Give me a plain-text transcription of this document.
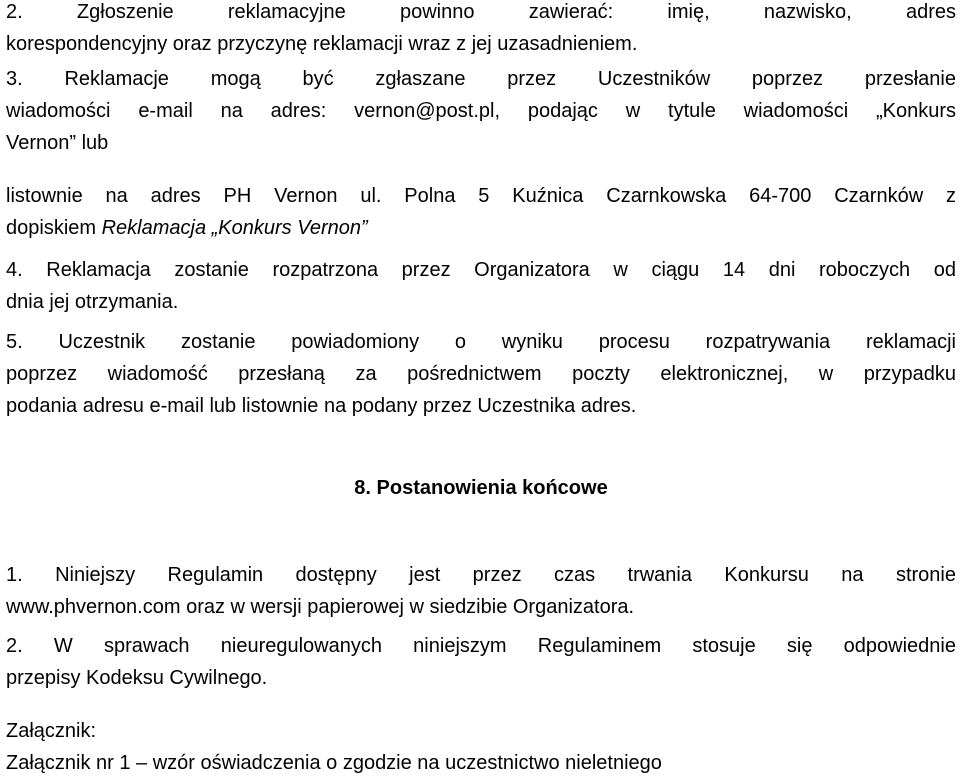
2. Zgłoszenie reklamacyjne powinno zawierać: imię, nazwisko, adres
korespondencyjny oraz przyczynę reklamacji wraz z jej uzasadnieniem.
3. Reklamacje mogą być zgłaszane przez Uczestników poprzez przesłanie
wiadomości e-mail na adres: vernon@post.pl, podając w tytule wiadomości „Konkurs
Vernon” lub
listownie na adres PH Vernon ul. Polna 5 Kuźnica Czarnkowska 64-700 Czarnków z
dopiskiem Reklamacja „Konkurs Vernon”
4. Reklamacja zostanie rozpatrzona przez Organizatora w ciągu 14 dni roboczych od
dnia jej otrzymania.
5. Uczestnik zostanie powiadomiony o wyniku procesu rozpatrywania reklamacji
poprzez wiadomość przesłaną za pośrednictwem poczty elektronicznej, w przypadku
podania adresu e-mail lub listownie na podany przez Uczestnika adres.
8. Postanowienia końcowe
1. Niniejszy Regulamin dostępny jest przez czas trwania Konkursu na stronie
www.phvernon.com oraz w wersji papierowej w siedzibie Organizatora.
2. W sprawach nieuregulowanych niniejszym Regulaminem stosuje się odpowiednie
przepisy Kodeksu Cywilnego.
Załącznik:
Załącznik nr 1 – wzór oświadczenia o zgodzie na uczestnictwo nieletniego
